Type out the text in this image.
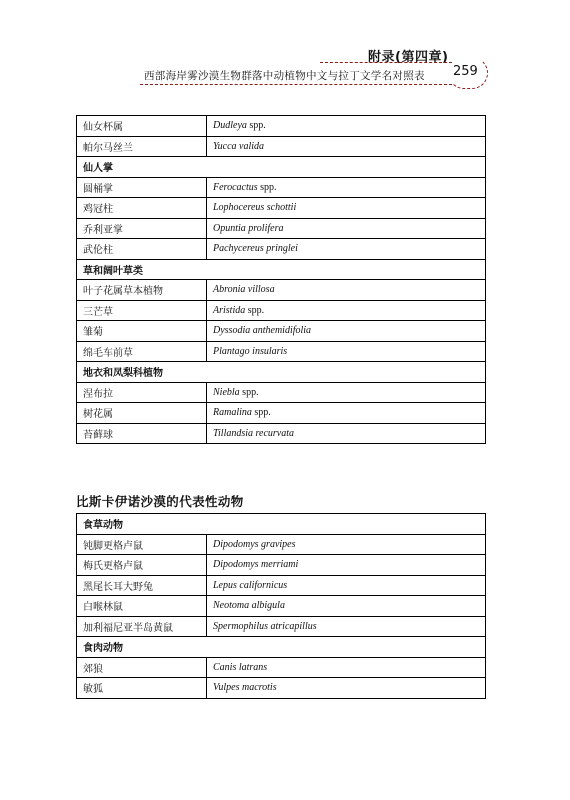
附录(第四章)
西部海岸雾沙漠生物群落中动植物中文与拉丁文学名对照表 259
仙女杯属	Dudleya spp.
帕尔马丝兰	Yucca valida
仙人掌	
圆桶掌	Ferocactus spp.
鸡冠柱	Lophocereus schottii
乔利亚掌	Opuntia prolifera
武伦柱	Pachycereus pringlei
草和阔叶草类	
叶子花属草本植物	Abronia villosa
三芒草	Aristida spp.
雏菊	Dyssodia anthemidifolia
绵毛车前草	Plantago insularis
地衣和凤梨科植物	
涅布拉	Niebla spp.
树花属	Ramalina spp.
苔藓球	Tillandsia recurvata
比斯卡伊诺沙漠的代表性动物
食草动物	
钝脚更格卢鼠	Dipodomys gravipes
梅氏更格卢鼠	Dipodomys merriami
黑尾长耳大野兔	Lepus californicus
白喉林鼠	Neotoma albigula
加利福尼亚半岛黄鼠	Spermophilus atricapillus
食肉动物	
郊狼	Canis latrans
敏狐	Vulpes macrotis
